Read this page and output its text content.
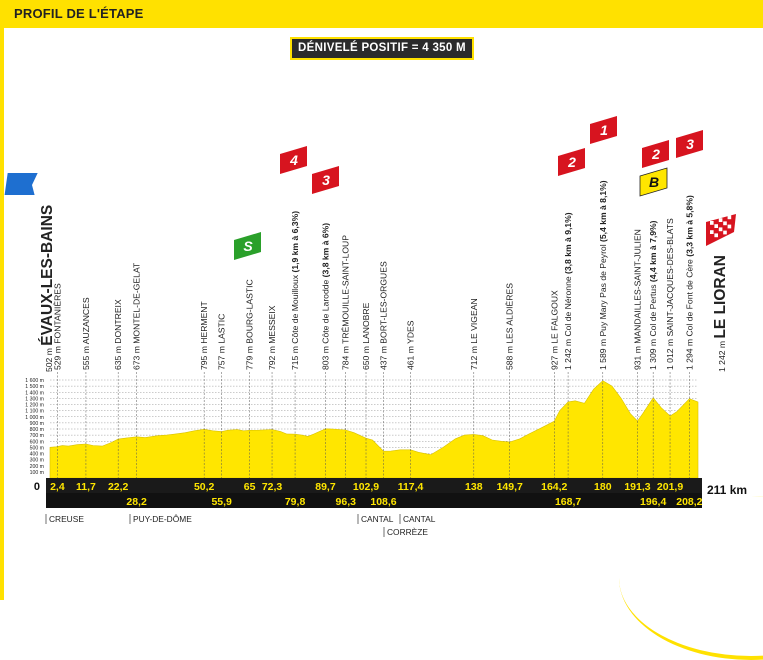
PROFIL DE L'ÉTAPE
DÉNIVELÉ POSITIF = 4 350 M
100 m
200 m
300 m
400 m
500 m
600 m
700 m
800 m
900 m
1 000 m
1 100 m
1 200 m
1 300 m
1 400 m
1 500 m
1 600 m
502 m ÉVAUX-LES-BAINS
529 m FONTANIÈRES 555 m AUZANCES	635 m DONTREIX 673 m MONTEL-DE-GELAT	795 m HERMENT 757 m LASTIC 779 m BOURG-LASTIC 792 m MESSEIX 715 m Côte de Mouilloux (1,9 km à 6,3%)
803 m Côte de Larodde (3,8 km à 6%) 784 m TRÉMOUILLE-SAINT-LOUP 650 m LANOBRE 437 m BORT-LES-ORGUES 461 m YDES	712 m LE VIGEAN	588 m LES ALDIÈRES	927 m LE FALGOUX 1 242 m Col de Néronne (3,8 km à 9,1%)	1 589 m Puy Mary Pas de Peyrol (5,4 km à 8,1%)
931 m MANDAILLES-SAINT-JULIEN 1 309 m Col de Pertus (4,4 km à 7,9%) 1 012 m SAINT-JACQUES-DES-BLATS 1 294 m Col de Font de Cère (3,3 km à 5,8%)
1 242 m LE LIORAN
S
4
3
2
1
2
B
3
0	211 km
2,4 11,7 22,2
28,2
50,2
55,9
65 72,3
79,8
89,7
96,3
102,9
108,6
117,4	138 149,7 164,2
168,7
180 191,3
196,4
201,9
208,2
CREUSE	PUY-DE-DÔME	CANTAL
CORRÈZE
CANTAL
